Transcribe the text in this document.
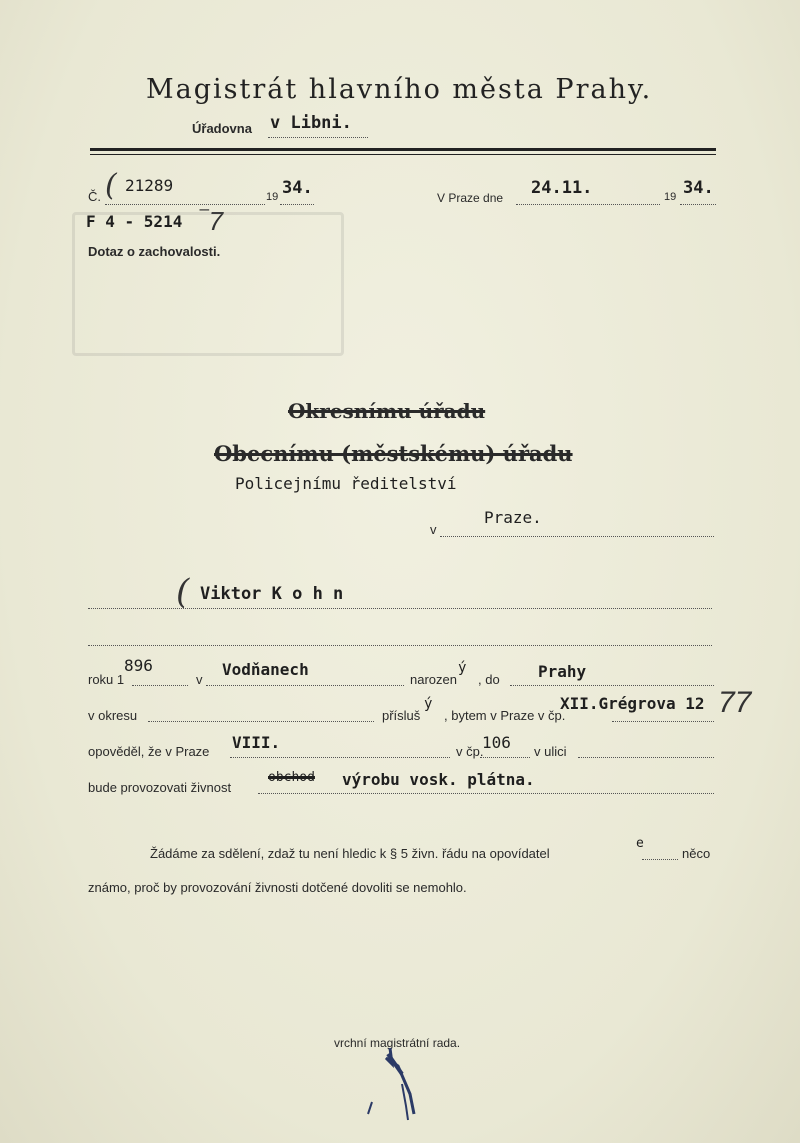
Magistrát hlavního města Prahy.
Úřadovna v Libni.
Č. ( 21289
19 34.
F 4 - 5214 ‾7
Dotaz o zachovalosti.
V Praze dne 24.11.	19 34.
Okresnímu úřadu
Obecnímu (městskému) úřadu
Policejnímu ředitelství
v
Praze.
( Viktor K o h n
roku 1
896
v
Vodňanech
narozen
ý
, do Prahy
v okresu	přísluš
ý
, bytem v Praze v čp.
XII.Grégrova 12 77
opověděl, že v Praze VIII.	v čp.
106 v ulici
bude provozovati živnost
obchod výrobu vosk. plátna.
Žádáme za sdělení, zdaž tu není hledic k § 5 živn. řádu na opovídatel
e
něco
známo, proč by provozování živnosti dotčené dovoliti se nemohlo.
vrchní magistrátní rada.
